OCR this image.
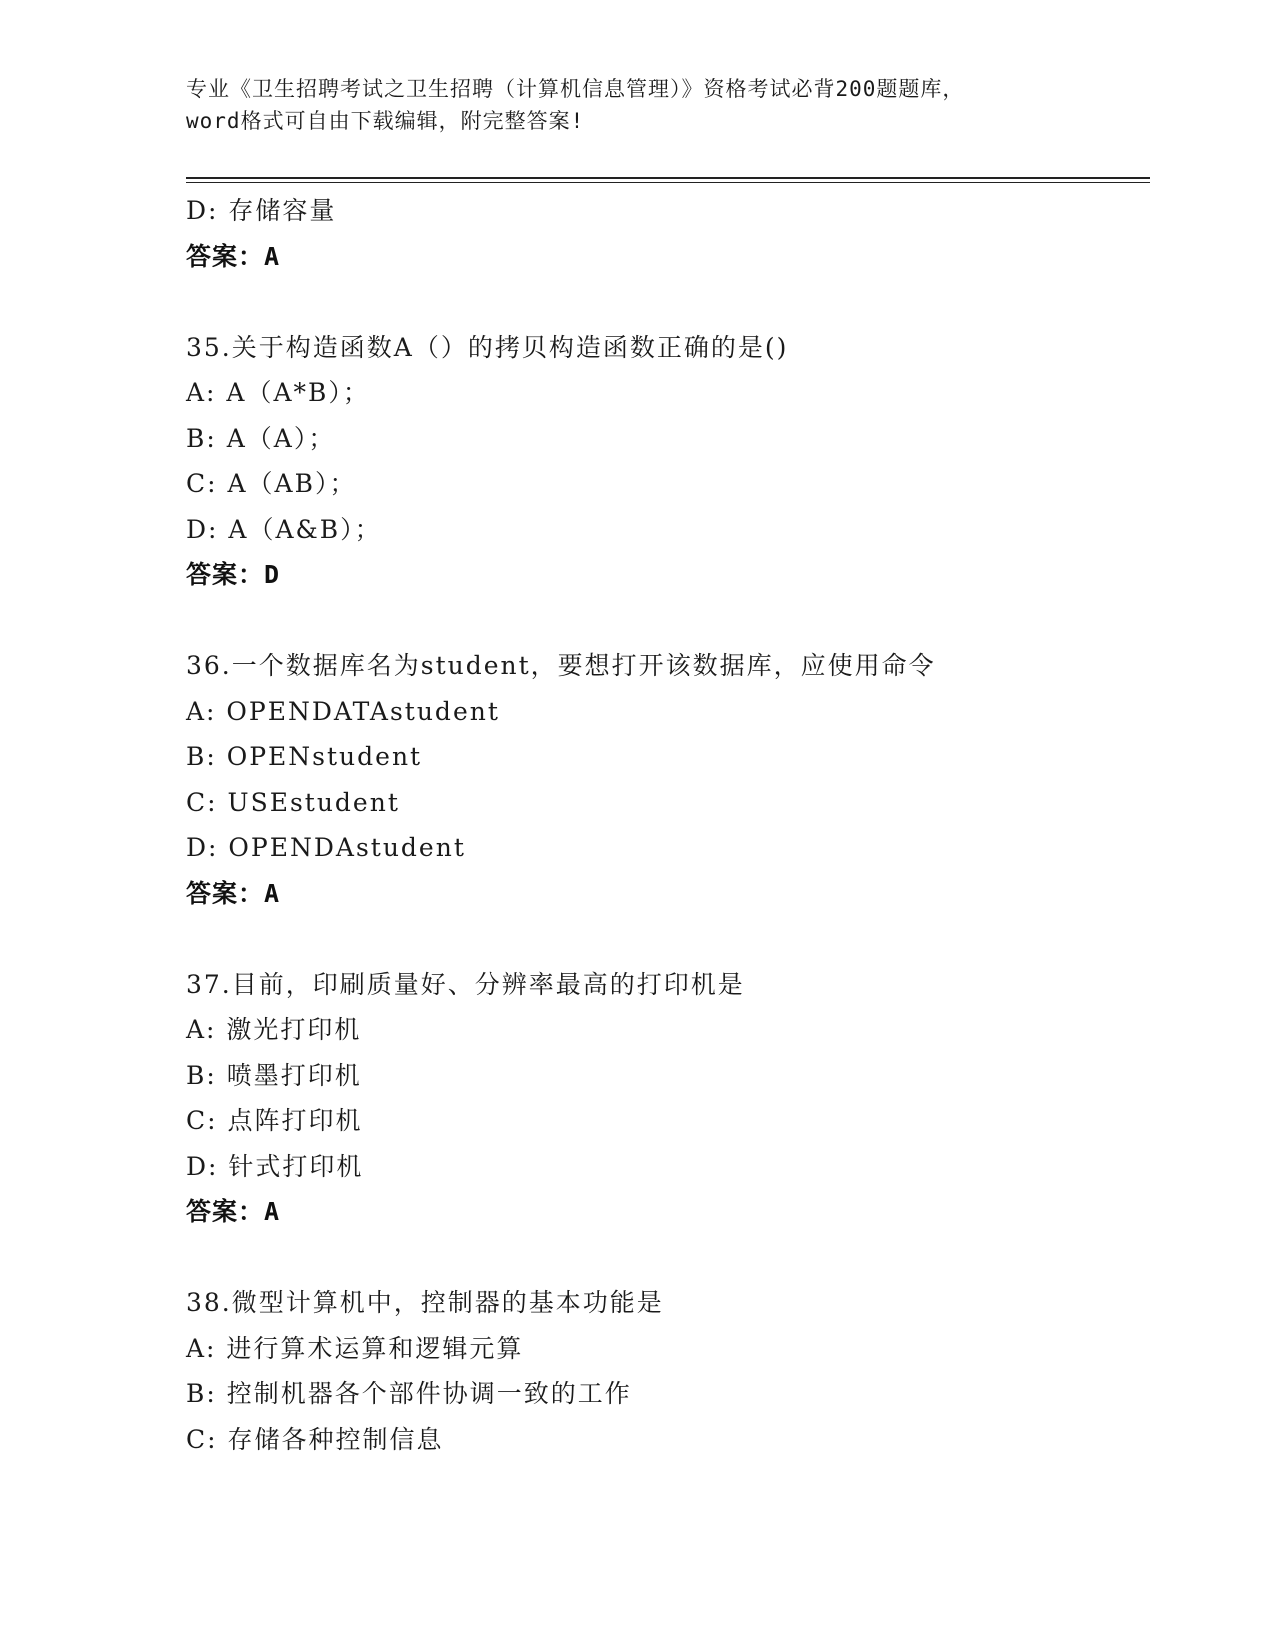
专业《卫生招聘考试之卫生招聘（计算机信息管理）》资格考试必背200题题库，
word格式可自由下载编辑，附完整答案!
D: 存储容量
答案：A
35.关于构造函数A（）的拷贝构造函数正确的是()
A: A（A*B）；
B: A（A）；
C: A（AB）；
D: A（A&B）；
答案：D
36.一个数据库名为student，要想打开该数据库，应使用命令
A: OPENDATAstudent
B: OPENstudent
C: USEstudent
D: OPENDAstudent
答案：A
37.目前，印刷质量好、分辨率最高的打印机是
A: 激光打印机
B: 喷墨打印机
C: 点阵打印机
D: 针式打印机
答案：A
38.微型计算机中，控制器的基本功能是
A: 进行算术运算和逻辑元算
B: 控制机器各个部件协调一致的工作
C: 存储各种控制信息
